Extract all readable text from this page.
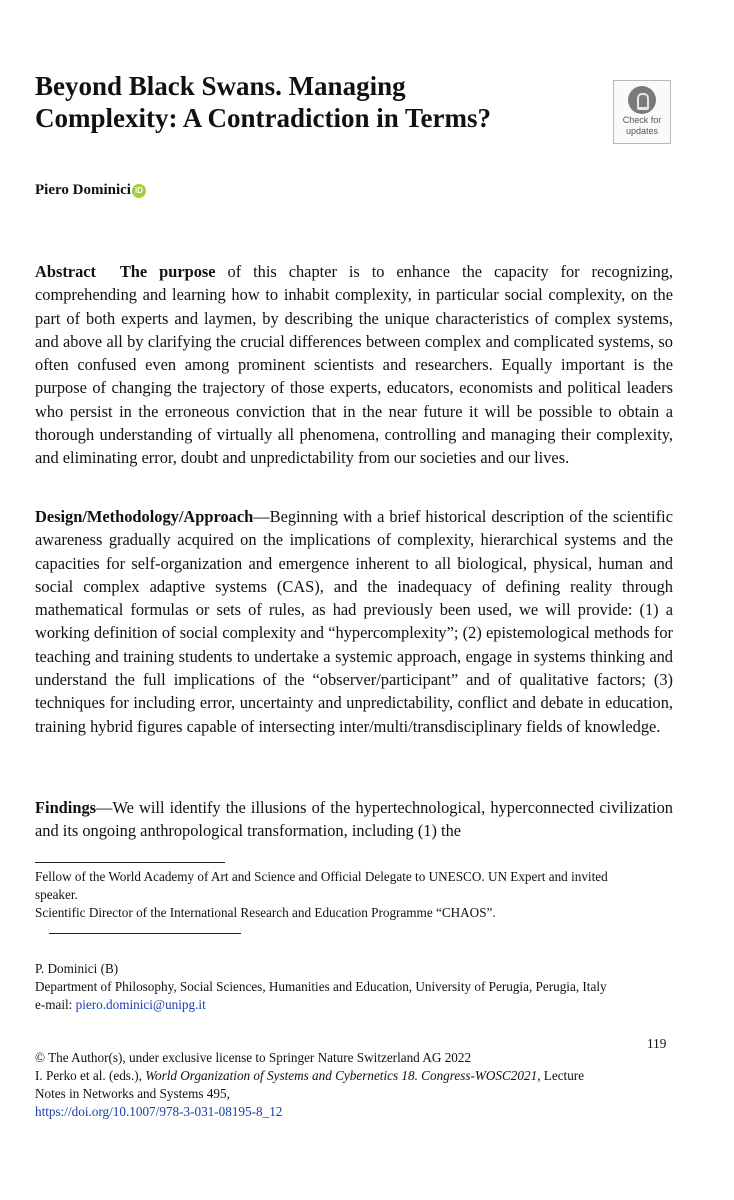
Beyond Black Swans. Managing
Complexity: A Contradiction in Terms?	Check for
updates
Piero Dominici iD

Abstract The purpose of this chapter is to enhance the capacity for recognizing, comprehending and learning how to inhabit complexity, in particular social complexity, on the part of both experts and laymen, by describing the unique characteristics of complex systems, and above all by clarifying the crucial differences between complex and complicated systems, so often confused even among prominent scientists and researchers. Equally important is the purpose of changing the trajectory of those experts, educators, economists and political leaders who persist in the erroneous conviction that in the near future it will be possible to obtain a thorough understanding of virtually all phenomena, controlling and managing their complexity, and eliminating error, doubt and unpredictability from our societies and our lives.

Design/Methodology/Approach—Beginning with a brief historical description of the scientific awareness gradually acquired on the implications of complexity, hierarchical systems and the capacities for self-organization and emergence inherent to all biological, physical, human and social complex adaptive systems (CAS), and the inadequacy of defining reality through mathematical formulas or sets of rules, as had previously been used, we will provide: (1) a working definition of social complexity and “hypercomplexity”; (2) epistemological methods for teaching and training students to undertake a systemic approach, engage in systems thinking and understand the full implications of the “observer/participant” and of qualitative factors; (3) techniques for including error, uncertainty and unpredictability, conflict and debate in education, training hybrid figures capable of intersecting inter/multi/transdisciplinary fields of knowledge.

Findings—We will identify the illusions of the hypertechnological, hyperconnected civilization and its ongoing anthropological transformation, including (1) the

Fellow of the World Academy of Art and Science and Official Delegate to UNESCO. UN Expert and invited speaker.

Scientific Director of the International Research and Education Programme “CHAOS”.

P. Dominici (B)

Department of Philosophy, Social Sciences, Humanities and Education, University of Perugia, Perugia, Italy

e-mail: piero.dominici@unipg.it

119

© The Author(s), under exclusive license to Springer Nature Switzerland AG 2022

I. Perko et al. (eds.), World Organization of Systems and Cybernetics 18. Congress-WOSC2021, Lecture Notes in Networks and Systems 495,

https://doi.org/10.1007/978-3-031-08195-8_12
